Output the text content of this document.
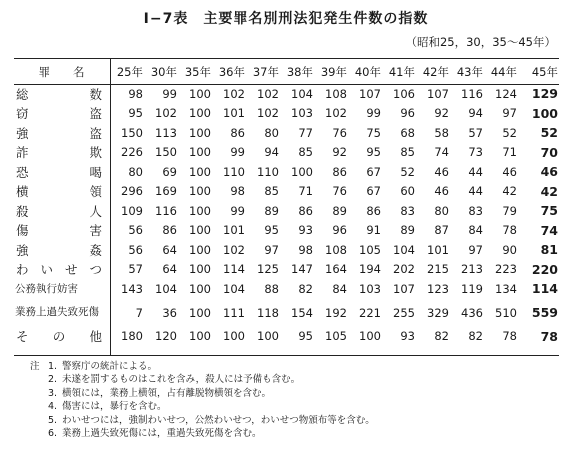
Ⅰ−7表　主要罪名別刑法犯発生件数の指数
（昭和25，30，35〜45年）
罪　　名	25年	30年	35年	36年	37年	38年	39年	40年	41年	42年	43年	44年	45年
総　　数	98	99	100	102	102	104	108	107	106	107	116	124	129
窃　　盗	95	102	100	101	102	103	102	99	96	92	94	97	100
強　　盗	150	113	100	86	80	77	76	75	68	58	57	52	52
詐　　欺	226	150	100	99	94	85	92	95	85	74	73	71	70
恐　　喝	80	69	100	110	110	100	86	67	52	46	44	46	46
横　　領	296	169	100	98	85	71	76	67	60	46	44	42	42
殺　　人	109	116	100	99	89	86	89	86	83	80	83	79	75
傷　　害	56	86	100	101	95	93	96	91	89	87	84	78	74
強　　姦	56	64	100	102	97	98	108	105	104	101	97	90	81
わいせつ	57	64	100	114	125	147	164	194	202	215	213	223	220
公務執行妨害	143	104	100	104	88	82	84	103	107	123	119	134	114
業務上過失致死傷	7	36	100	111	118	154	192	221	255	329	436	510	559
そ　の　他	180	120	100	100	100	95	105	100	93	82	82	78	78
注 1. 警察庁の統計による。
2. 未遂を罰するものはこれを含み，殺人には予備も含む。
3. 横領には，業務上横領，占有離脱物横領を含む。
4. 傷害には，暴行を含む。
5. わいせつには，強制わいせつ，公然わいせつ，わいせつ物頒布等を含む。
6. 業務上過失致死傷には，重過失致死傷を含む。
